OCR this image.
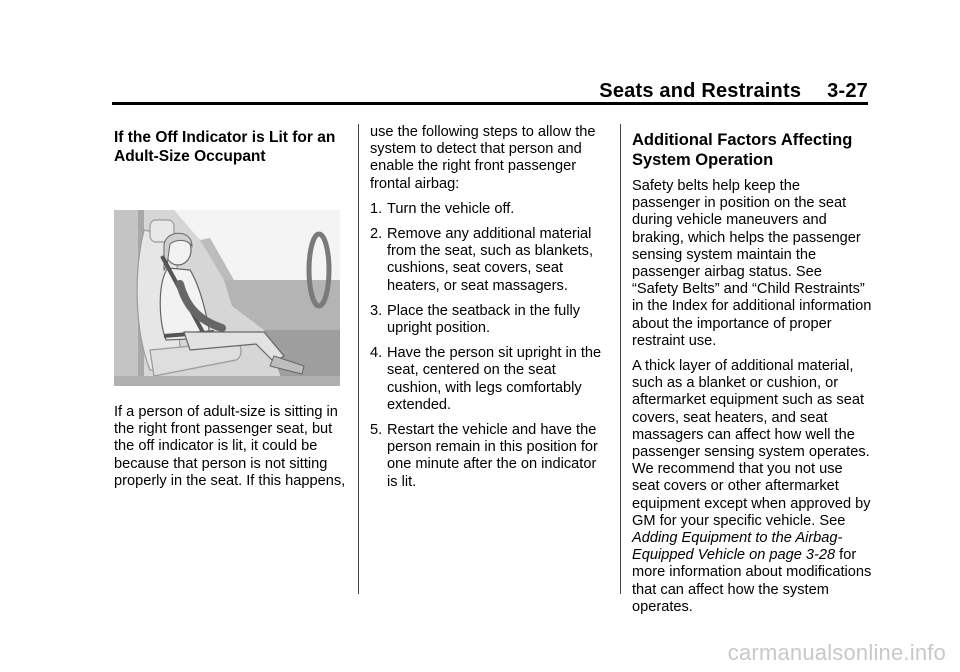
Seats and Restraints 3-27
If the Off Indicator is Lit for an Adult-Size Occupant

If a person of adult-size is sitting in the right front passenger seat, but the off indicator is lit, it could be because that person is not sitting properly in the seat. If this happens,

use the following steps to allow the system to detect that person and enable the right front passenger frontal airbag:

1. Turn the vehicle off.
2. Remove any additional material from the seat, such as blankets, cushions, seat covers, seat heaters, or seat massagers.
3. Place the seatback in the fully upright position.
4. Have the person sit upright in the seat, centered on the seat cushion, with legs comfortably extended.
5. Restart the vehicle and have the person remain in this position for one minute after the on indicator is lit.
Additional Factors Affecting System Operation

Safety belts help keep the passenger in position on the seat during vehicle maneuvers and braking, which helps the passenger sensing system maintain the passenger airbag status. See “Safety Belts” and “Child Restraints” in the Index for additional information about the importance of proper restraint use.

A thick layer of additional material, such as a blanket or cushion, or aftermarket equipment such as seat covers, seat heaters, and seat massagers can affect how well the passenger sensing system operates. We recommend that you not use seat covers or other aftermarket equipment except when approved by GM for your specific vehicle. See Adding Equipment to the Airbag-Equipped Vehicle on page 3-28 for more information about modifications that can affect how the system operates.

carmanualsonline.info
